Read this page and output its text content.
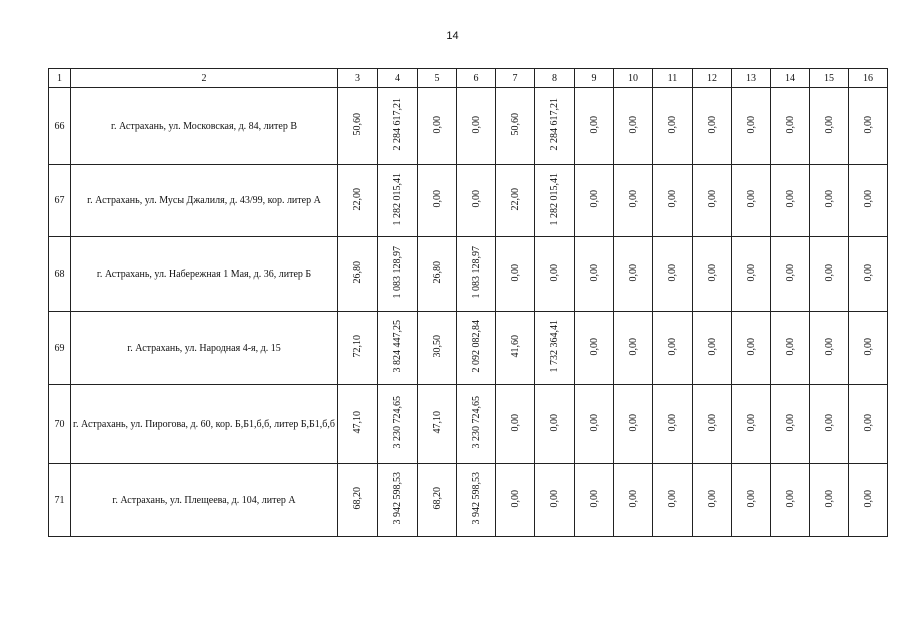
14
1	2	3	4	5	6	7	8	9	10	11	12	13	14	15	16
66	г. Астрахань, ул. Московская, д. 84, литер В	50,60	2 284 617,21	0,00	0,00	50,60	2 284 617,21	0,00	0,00	0,00	0,00	0,00	0,00	0,00	0,00
67	г. Астрахань, ул. Мусы Джалиля, д. 43/99, кор. литер А	22,00	1 282 015,41	0,00	0,00	22,00	1 282 015,41	0,00	0,00	0,00	0,00	0,00	0,00	0,00	0,00
68	г. Астрахань, ул. Набережная 1 Мая, д. 36, литер Б	26,80	1 083 128,97	26,80	1 083 128,97	0,00	0,00	0,00	0,00	0,00	0,00	0,00	0,00	0,00	0,00
69	г. Астрахань, ул. Народная 4-я, д. 15	72,10	3 824 447,25	30,50	2 092 082,84	41,60	1 732 364,41	0,00	0,00	0,00	0,00	0,00	0,00	0,00	0,00
70	г. Астрахань, ул. Пирогова, д. 60, кор. Б,Б1,б,б, литер Б,Б1,б,б	47,10	3 230 724,65	47,10	3 230 724,65	0,00	0,00	0,00	0,00	0,00	0,00	0,00	0,00	0,00	0,00
71	г. Астрахань, ул. Плещеева, д. 104, литер А	68,20	3 942 598,53	68,20	3 942 598,53	0,00	0,00	0,00	0,00	0,00	0,00	0,00	0,00	0,00	0,00
